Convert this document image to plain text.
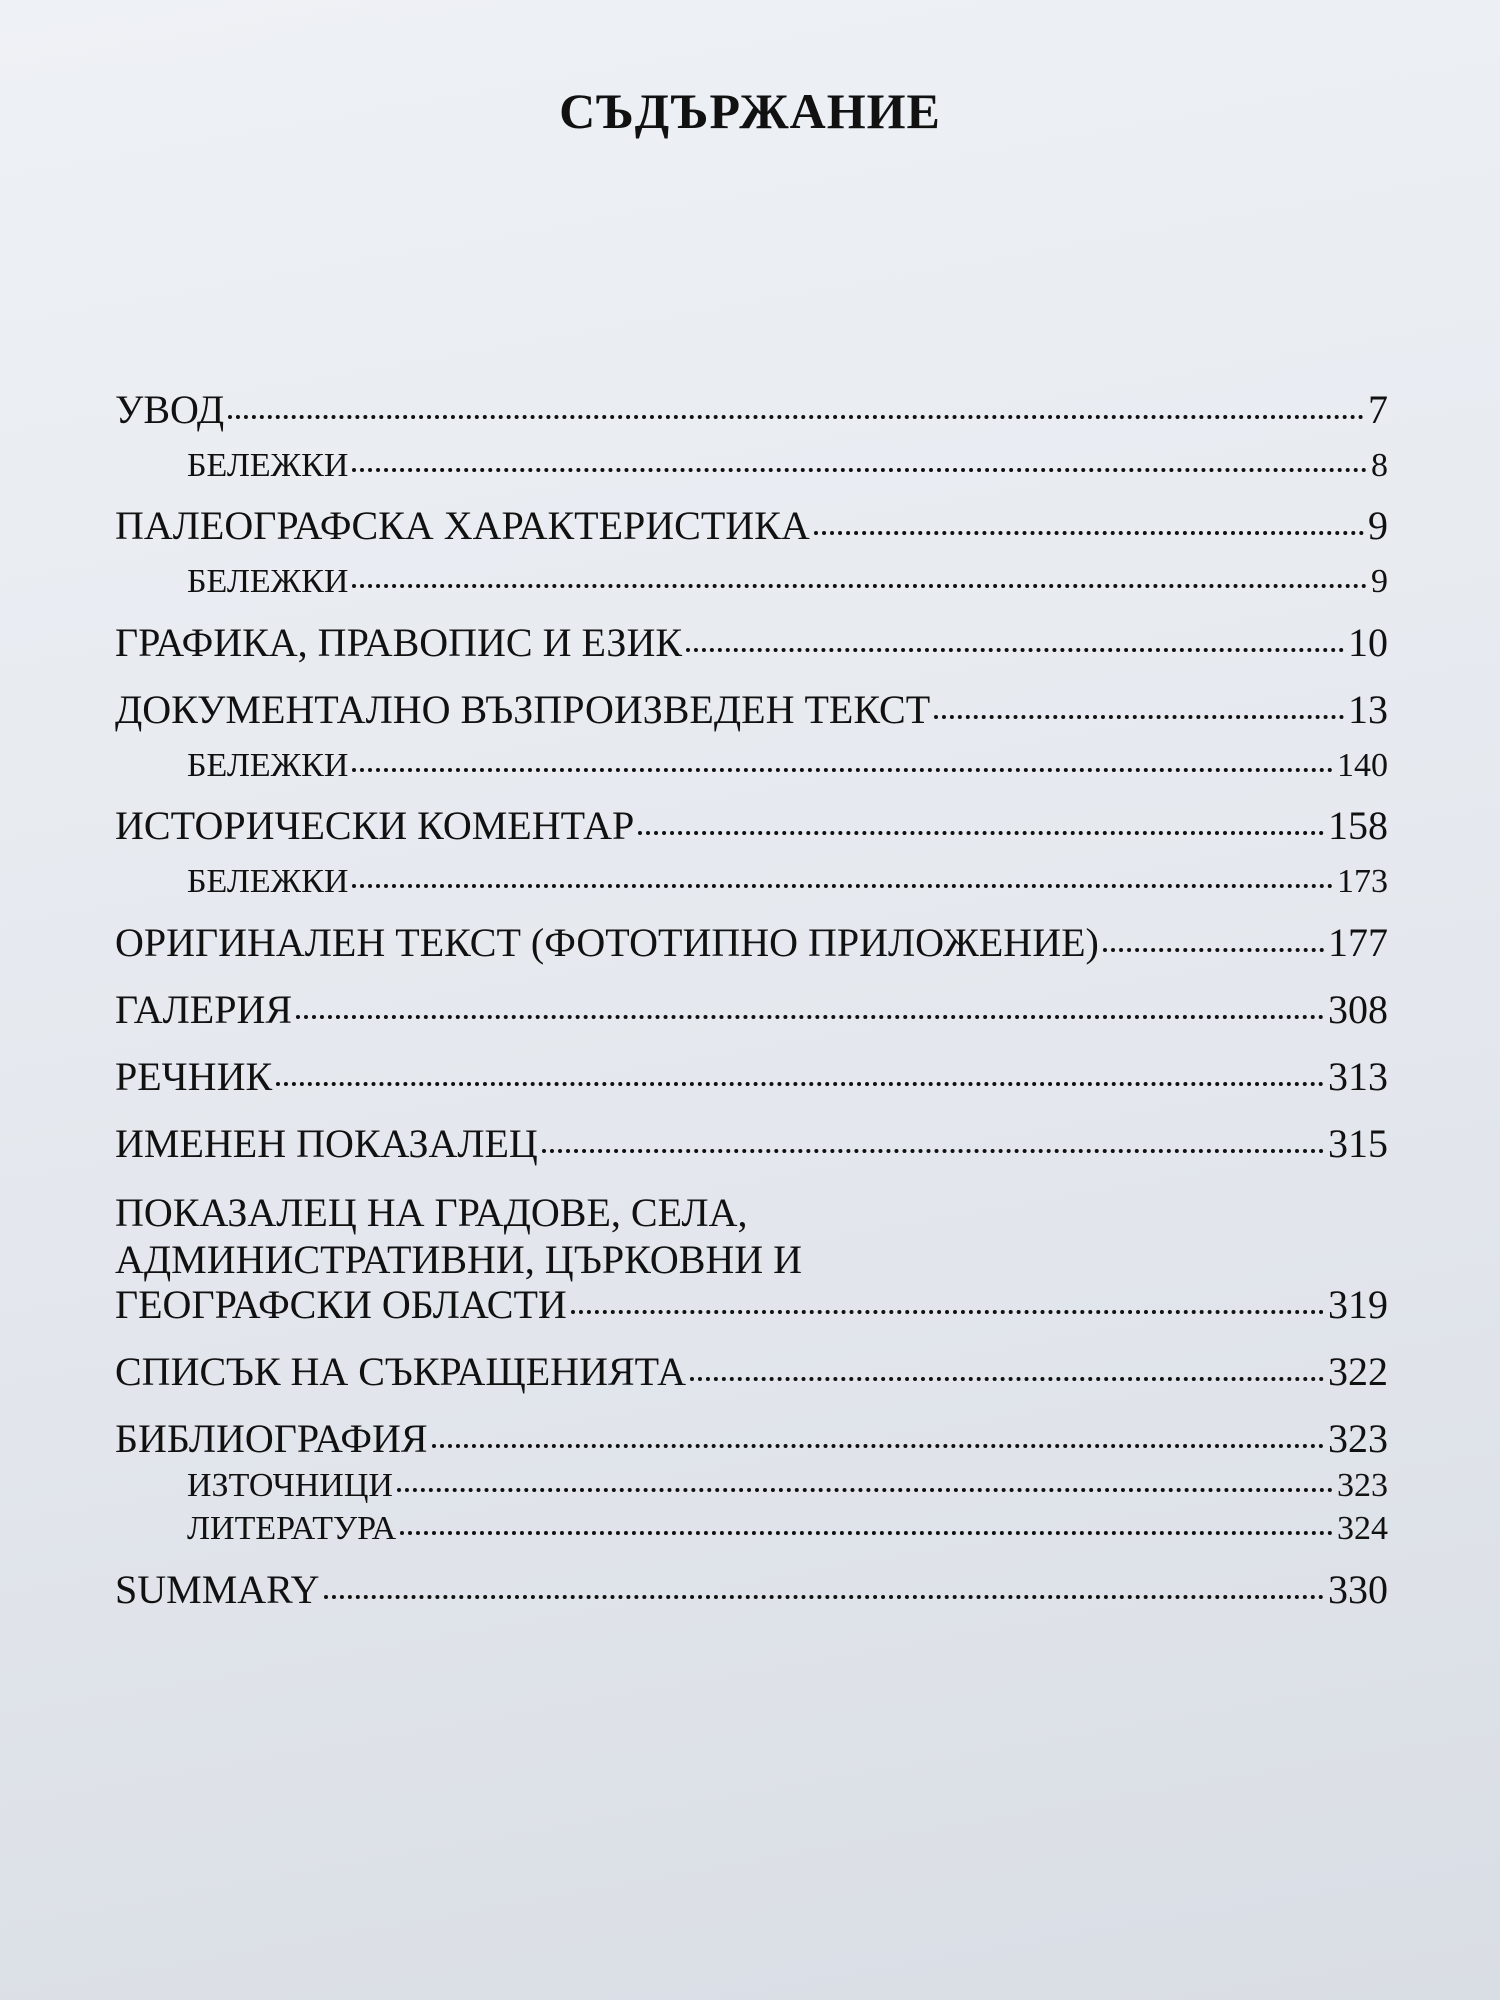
СЪДЪРЖАНИЕ
УВОД	7
БЕЛЕЖКИ	8
ПАЛЕОГРАФСКА ХАРАКТЕРИСТИКА	9
БЕЛЕЖКИ	9
ГРАФИКА, ПРАВОПИС И ЕЗИК	10
ДОКУМЕНТАЛНО ВЪЗПРОИЗВЕДЕН ТЕКСТ	13
БЕЛЕЖКИ	140
ИСТОРИЧЕСКИ КОМЕНТАР	158
БЕЛЕЖКИ	173
ОРИГИНАЛЕН ТЕКСТ (ФОТОТИПНО ПРИЛОЖЕНИЕ)	177
ГАЛЕРИЯ	308
РЕЧНИК	313
ИМЕНЕН ПОКАЗАЛЕЦ	315
ПОКАЗАЛЕЦ НА ГРАДОВЕ, СЕЛА,
АДМИНИСТРАТИВНИ, ЦЪРКОВНИ И
ГЕОГРАФСКИ ОБЛАСТИ	319
СПИСЪК НА СЪКРАЩЕНИЯТА	322
БИБЛИОГРАФИЯ	323
ИЗТОЧНИЦИ	323
ЛИТЕРАТУРА	324
SUMMARY	330
